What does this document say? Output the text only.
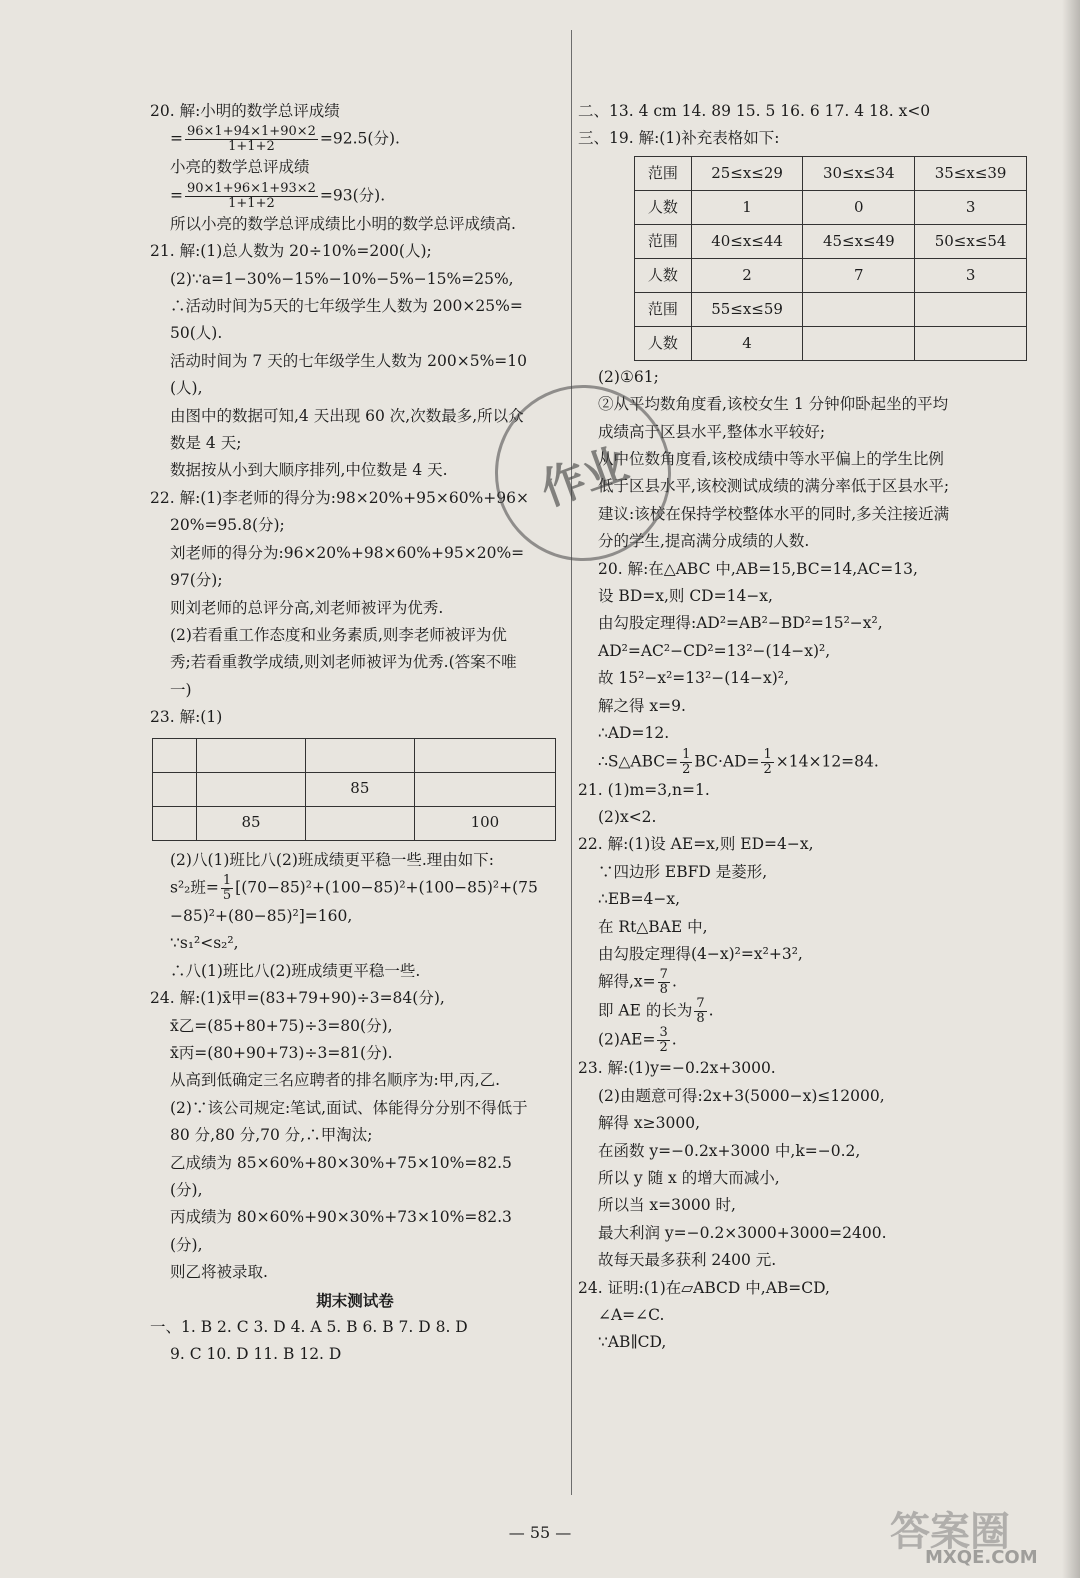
20. 解:小明的数学总评成绩
= $\frac{96\times 1+94\times 1+90\times 2}{1+1+2} =92.5$(分).
小亮的数学总评成绩
= $\frac{90\times 1+96\times 1+93\times 2}{1+1+2} =93$(分).
所以小亮的数学总评成绩比小明的数学总评成绩高.
21. 解:(1)总人数为 20÷10%=200(人);
(2)∵a=1−30%−15%−10%−5%−15%=25%,
∴活动时间为5天的七年级学生人数为 200×25%=
50(人).
活动时间为 7 天的七年级学生人数为 200×5%=10
(人),
由图中的数据可知,4 天出现 60 次,次数最多,所以众
数是 4 天;
数据按从小到大顺序排列,中位数是 4 天.
22. 解:(1)李老师的得分为:98×20%+95×60%+96×
20%=95.8(分);
刘老师的得分为:96×20%+98×60%+95×20%=
97(分);
则刘老师的总评分高,刘老师被评为优秀.
(2)若看重工作态度和业务素质,则李老师被评为优
秀;若看重教学成绩,则刘老师被评为优秀.(答案不唯
一)
23. 解:(1)

		85	
	85		100
(2)八(1)班比八(2)班成绩更平稳一些.理由如下:
s²₂班= $\frac{1}{5} [(70-85)^2+(100-85)^2+(100-85)^2+(75$
−85)²+(80−85)²]=160,
∵s₁²<s₂²,
∴八(1)班比八(2)班成绩更平稳一些.
24. 解:(1)x̄甲=(83+79+90)÷3=84(分),
x̄乙=(85+80+75)÷3=80(分),
x̄丙=(80+90+73)÷3=81(分).
从高到低确定三名应聘者的排名顺序为:甲,丙,乙.
(2)∵该公司规定:笔试,面试、体能得分分别不得低于
80 分,80 分,70 分,∴甲淘汰;
乙成绩为 85×60%+80×30%+75×10%=82.5
(分),
丙成绩为 80×60%+90×30%+73×10%=82.3
(分),
则乙将被录取.
期末测试卷
一、1. B 2. C 3. D 4. A 5. B 6. B 7. D 8. D
9. C 10. D 11. B 12. D
二、13. 4 cm 14. 89 15. 5 16. 6 17. 4 18. x<0
三、19. 解:(1)补充表格如下:
范围	25≤x≤29	30≤x≤34	35≤x≤39
人数	1	0	3
范围	40≤x≤44	45≤x≤49	50≤x≤54
人数	2	7	3
范围	55≤x≤59		
人数	4		
(2)①61;
②从平均数角度看,该校女生 1 分钟仰卧起坐的平均
成绩高于区县水平,整体水平较好;
从中位数角度看,该校成绩中等水平偏上的学生比例
低于区县水平,该校测试成绩的满分率低于区县水平;
建议:该校在保持学校整体水平的同时,多关注接近满
分的学生,提高满分成绩的人数.
20. 解:在△ABC 中,AB=15,BC=14,AC=13,
设 BD=x,则 CD=14−x,
由勾股定理得:AD²=AB²−BD²=15²−x²,
AD²=AC²−CD²=13²−(14−x)²,
故 15²−x²=13²−(14−x)²,
解之得 x=9.
∴AD=12.
∴S△ABC= $\frac{1}{2} BC\cdot AD= \frac{1}{2} \times 14\times 12=84$.
21. (1)m=3,n=1.
(2)x<2.
22. 解:(1)设 AE=x,则 ED=4−x,
∵四边形 EBFD 是菱形,
∴EB=4−x,
在 Rt△BAE 中,
由勾股定理得(4−x)²=x²+3²,
解得$,x= \frac{7}{8}$ .
即 AE 的长为 $\frac{7}{8}$ .
$(2)AE= \frac{3}{2}$ .
23. 解:(1)y=−0.2x+3000.
(2)由题意可得:2x+3(5000−x)≤12000,
解得 x≥3000,
在函数 y=−0.2x+3000 中,k=−0.2,
所以 y 随 x 的增大而减小,
所以当 x=3000 时,
最大利润 y=−0.2×3000+3000=2400.
故每天最多获利 2400 元.
24. 证明:(1)在▱ABCD 中,AB=CD,
∠A=∠C.
∵AB∥CD,
作业
— 55 —	答案圈
MXQE.COM
